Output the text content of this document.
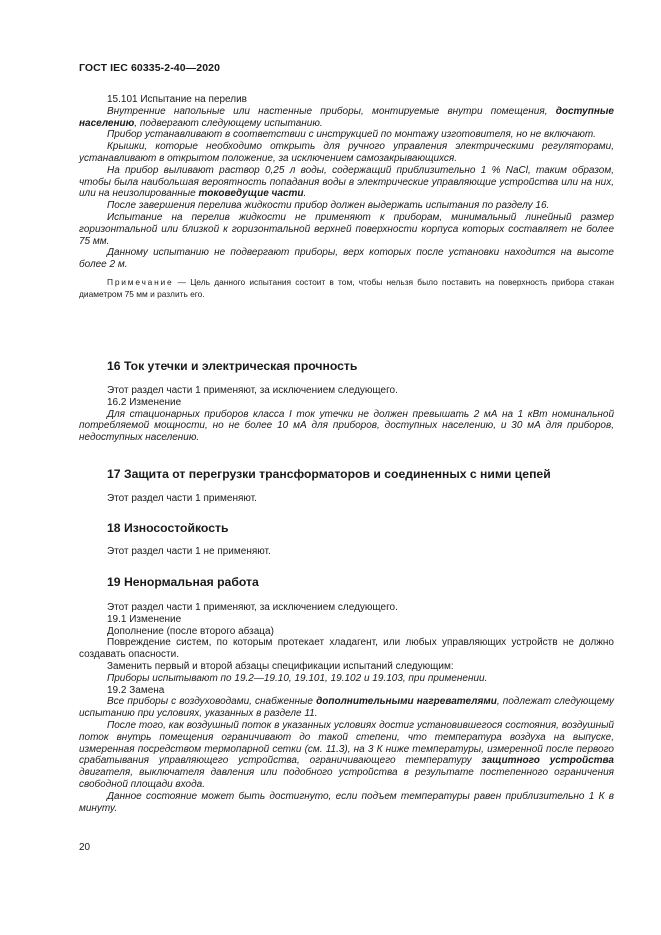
ГОСТ IEC 60335-2-40—2020

15.101 Испытание на перелив

Внутренние напольные или настенные приборы, монтируемые внутри помещения, доступные населению, подвергают следующему испытанию.

Прибор устанавливают в соответствии с инструкцией по монтажу изготовителя, но не включают.

Крышки, которые необходимо открыть для ручного управления электрическими регуляторами, устанавливают в открытом положение, за исключением самозакрывающихся.

На прибор выливают раствор 0,25 л воды, содержащий приблизительно 1 % NaCl, таким образом, чтобы была наибольшая вероятность попадания воды в электрические управляющие устройства или на них, или на неизолированные токоведущие части.

После завершения перелива жидкости прибор должен выдержать испытания по разделу 16.

Испытание на перелив жидкости не применяют к приборам, минимальный линейный размер горизонтальной или близкой к горизонтальной верхней поверхности корпуса которых составляет не более 75 мм.

Данному испытанию не подвергают приборы, верх которых после установки находится на высоте более 2 м.

Примечание — Цель данного испытания состоит в том, чтобы нельзя было поставить на поверхность прибора стакан диаметром 75 мм и разлить его.

16 Ток утечки и электрическая прочность

Этот раздел части 1 применяют, за исключением следующего.

16.2 Изменение

Для стационарных приборов класса I ток утечки не должен превышать 2 мА на 1 кВт номинальной потребляемой мощности, но не более 10 мА для приборов, доступных населению, и 30 мА для приборов, недоступных населению.

17 Защита от перегрузки трансформаторов и соединенных с ними цепей

Этот раздел части 1 применяют.

18 Износостойкость

Этот раздел части 1 не применяют.

19 Ненормальная работа

Этот раздел части 1 применяют, за исключением следующего.

19.1 Изменение

Дополнение (после второго абзаца)

Повреждение систем, по которым протекает хладагент, или любых управляющих устройств не должно создавать опасности.

Заменить первый и второй абзацы спецификации испытаний следующим:

Приборы испытывают по 19.2—19.10, 19.101, 19.102 и 19.103, при применении.

19.2 Замена

Все приборы с воздуховодами, снабженные дополнительными нагревателями, подлежат следующему испытанию при условиях, указанных в разделе 11.

После того, как воздушный поток в указанных условиях достиг установившегося состояния, воздушный поток внутрь помещения ограничивают до такой степени, что температура воздуха на выпуске, измеренная посредством термопарной сетки (см. 11.3), на 3 К ниже температуры, измеренной после первого срабатывания управляющего устройства, ограничивающего температуру защитного устройства двигателя, выключателя давления или подобного устройства в результате постепенного ограничения свободной площади входа.

Данное состояние может быть достигнуто, если подъем температуры равен приблизительно 1 К в минуту.

20
